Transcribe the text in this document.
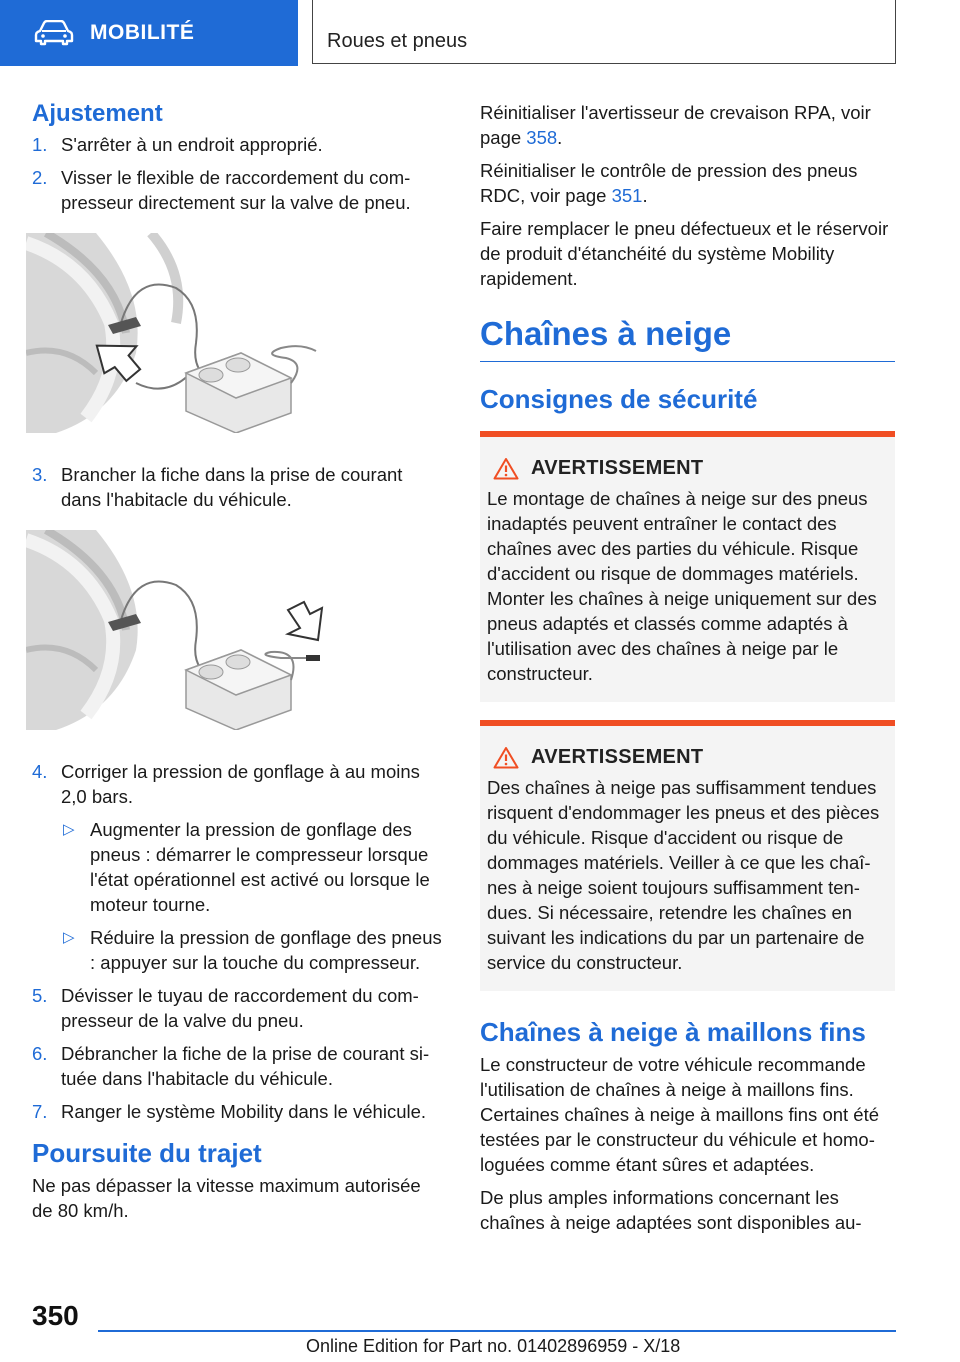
MOBILITÉ	Roues et pneus
Ajustement
1. S'arrêter à un endroit approprié.
2. Visser le flexible de raccordement du compresseur directement sur la valve de pneu.
3. Brancher la fiche dans la prise de courant dans l'habitacle du véhicule.
4. Corriger la pression de gonflage à au moins 2,0 bars.
▷ Augmenter la pression de gonflage des pneus : démarrer le compresseur lorsque l'état opérationnel est activé ou lorsque le moteur tourne.
▷ Réduire la pression de gonflage des pneus : appuyer sur la touche du compresseur.
5. Dévisser le tuyau de raccordement du compresseur de la valve du pneu.
6. Débrancher la fiche de la prise de courant située dans l'habitacle du véhicule.
7. Ranger le système Mobility dans le véhicule.
Poursuite du trajet

Ne pas dépasser la vitesse maximum autorisée de 80 km/h.

Réinitialiser l'avertisseur de crevaison RPA, voir page 358.

Réinitialiser le contrôle de pression des pneus RDC, voir page 351.

Faire remplacer le pneu défectueux et le réservoir de produit d'étanchéité du système Mobility rapidement.

Chaînes à neige
Consignes de sécurité
AVERTISSEMENT

Le montage de chaînes à neige sur des pneus inadaptés peuvent entraîner le contact des chaînes avec des parties du véhicule. Risque d'accident ou risque de dommages matériels. Monter les chaînes à neige uniquement sur des pneus adaptés et classés comme adaptés à l'utilisation avec des chaînes à neige par le constructeur.

AVERTISSEMENT

Des chaînes à neige pas suffisamment tendues risquent d'endommager les pneus et des pièces du véhicule. Risque d'accident ou risque de dommages matériels. Veiller à ce que les chaînes à neige soient toujours suffisamment tendues. Si nécessaire, retendre les chaînes en suivant les indications du par un partenaire de service du constructeur.

Chaînes à neige à maillons fins

Le constructeur de votre véhicule recommande l'utilisation de chaînes à neige à maillons fins. Certaines chaînes à neige à maillons fins ont été testées par le constructeur du véhicule et homologuées comme étant sûres et adaptées.

De plus amples informations concernant les chaînes à neige adaptées sont disponibles au-

350
Online Edition for Part no. 01402896959 - X/18
